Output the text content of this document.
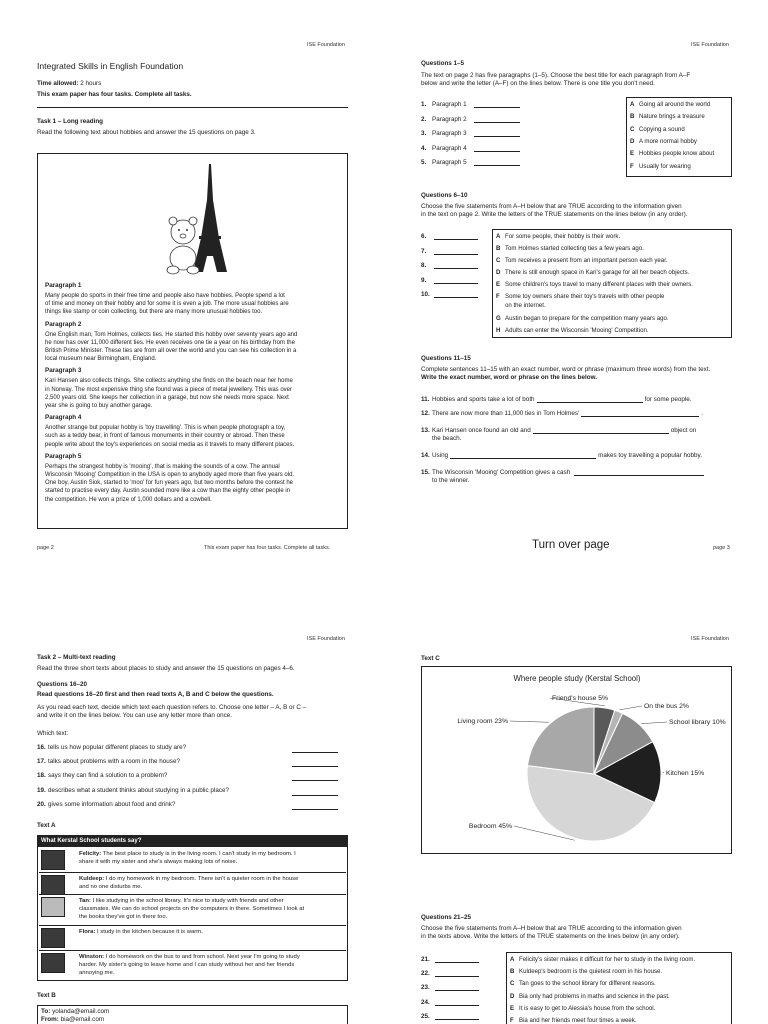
ISE Foundation
Integrated Skills in English Foundation
Time allowed: 2 hours
This exam paper has four tasks. Complete all tasks.
Task 1 – Long reading
Read the following text about hobbies and answer the 15 questions on page 3.
Paragraph 1
Many people do sports in their free time and people also have hobbies. People spend a lot
of time and money on their hobby and for some it is even a job. The more usual hobbies are
things like stamp or coin collecting, but there are many more unusual hobbies too.
Paragraph 2
One English man, Tom Holmes, collects ties. He started this hobby over seventy years ago and
he now has over 11,000 different ties. He even receives one tie a year on his birthday from the
British Prime Minister. These ties are from all over the world and you can see his collection in a
local museum near Birmingham, England.
Paragraph 3
Kari Hansen also collects things. She collects anything she finds on the beach near her home
in Norway. The most expensive thing she found was a piece of metal jewellery. This was over
2,500 years old. She keeps her collection in a garage, but now she needs more space. Next
year she is going to buy another garage.
Paragraph 4
Another strange but popular hobby is 'toy travelling'. This is when people photograph a toy,
such as a teddy bear, in front of famous monuments in their country or abroad. Then these
people write about the toy's experiences on social media as it travels to many different places.
Paragraph 5
Perhaps the strangest hobby is 'mooing', that is making the sounds of a cow. The annual
Wisconsin 'Mooing' Competition in the USA is open to anybody aged more than five years old.
One boy, Austin Siok, started to 'moo' for fun years ago, but two months before the contest he
started to practise every day. Austin sounded more like a cow than the eighty other people in
the competition. He won a prize of 1,000 dollars and a cowbell.
page 2	This exam paper has four tasks. Complete all tasks.
ISE Foundation
Questions 1–5
The text on page 2 has five paragraphs (1–5). Choose the best title for each paragraph from A–F
below and write the letter (A–F) on the lines below. There is one title you don't need.
1. Paragraph 1
2. Paragraph 2
3. Paragraph 3
4. Paragraph 4
5. Paragraph 5
A Going all around the world
B Nature brings a treasure
C Copying a sound
D A more normal hobby
E Hobbies people know about
F Usually for wearing
Questions 6–10
Choose the five statements from A–H below that are TRUE according to the information given
in the text on page 2. Write the letters of the TRUE statements on the lines below (in any order).
6.
7.
8.
9.
10.
A For some people, their hobby is their work.
B Tom Holmes started collecting ties a few years ago.
C Tom receives a present from an important person each year.
D There is still enough space in Kari's garage for all her beach objects.
E Some children's toys travel to many different places with their owners.
F Some toy owners share their toy's travels with other people
on the internet.
G Austin began to prepare for the competition many years ago.
H Adults can enter the Wisconsin 'Mooing' Competition.
Questions 11–15
Complete sentences 11–15 with an exact number, word or phrase (maximum three words) from the text.
Write the exact number, word or phrase on the lines below.
11. Hobbies and sports take a lot of both	for some people.
12. There are now more than 11,000 ties in Tom Holmes'	.
13. Kari Hansen once found an old and	object on
the beach.
14. Using	makes toy travelling a popular hobby.
15. The Wisconsin 'Mooing' Competition gives a cash
to the winner.
Turn over page	page 3
ISE Foundation
Task 2 – Multi-text reading
Read the three short texts about places to study and answer the 15 questions on pages 4–6.
Questions 16–20
Read questions 16–20 first and then read texts A, B and C below the questions.
As you read each text, decide which text each question refers to. Choose one letter – A, B or C –
and write it on the lines below. You can use any letter more than once.
Which text:
16. tells us how popular different places to study are?
17. talks about problems with a room in the house?
18. says they can find a solution to a problem?
19. describes what a student thinks about studying in a public place?
20. gives some information about food and drink?
Text A
What Kerstal School students say?
Felicity: The best place to study is in the living room. I can't study in my bedroom. I
share it with my sister and she's always making lots of noise.
Kuldeep: I do my homework in my bedroom. There isn't a quieter room in the house
and no one disturbs me.
Tan: I like studying in the school library. It's nice to study with friends and other
classmates. We can do school projects on the computers in there. Sometimes I look at
the books they've got in there too.
Flora: I study in the kitchen because it is warm.
Winston: I do homework on the bus to and from school. Next year I'm going to study
harder. My sister's going to leave home and I can study without her and her friends
annoying me.
Text B
To: yolanda@email.com
From: bia@email.com
ISE Foundation
Text C
Where people study (Kerstal School)
Friend's house 5%
On the bus 2%
School library 10%
Kitchen 15%
Bedroom 45%
Living room 23%
Questions 21–25
Choose the five statements from A–H below that are TRUE according to the information given
in the texts above. Write the letters of the TRUE statements on the lines below (in any order).
21.
22.
23.
24.
25.
A Felicity's sister makes it difficult for her to study in the living room.
B Kuldeep's bedroom is the quietest room in his house.
C Tan goes to the school library for different reasons.
D Bia only had problems in maths and science in the past.
E It is easy to get to Alessia's house from the school.
F Bia and her friends meet four times a week.
